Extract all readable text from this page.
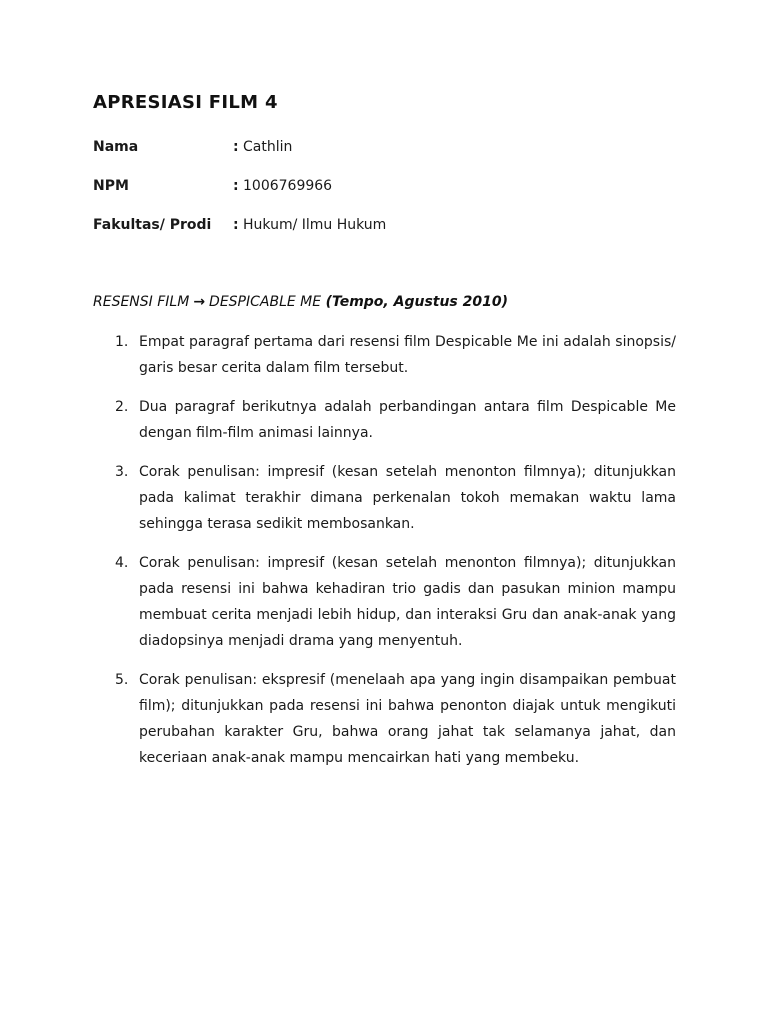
APRESIASI FILM 4
Nama	: Cathlin
NPM	: 1006769966
Fakultas/ Prodi : Hukum/ Ilmu Hukum
RESENSI FILM → DESPICABLE ME (Tempo, Agustus 2010)
1. Empat paragraf pertama dari resensi film Despicable Me ini adalah sinopsis/ garis besar cerita dalam film tersebut.
2. Dua paragraf berikutnya adalah perbandingan antara film Despicable Me dengan film-film animasi lainnya.
3. Corak penulisan: impresif (kesan setelah menonton filmnya); ditunjukkan pada kalimat terakhir dimana perkenalan tokoh memakan waktu lama sehingga terasa sedikit membosankan.
4. Corak penulisan: impresif (kesan setelah menonton filmnya); ditunjukkan pada resensi ini bahwa kehadiran trio gadis dan pasukan minion mampu membuat cerita menjadi lebih hidup, dan interaksi Gru dan anak-anak yang diadopsinya menjadi drama yang menyentuh.
5. Corak penulisan: ekspresif (menelaah apa yang ingin disampaikan pembuat film); ditunjukkan pada resensi ini bahwa penonton diajak untuk mengikuti perubahan karakter Gru, bahwa orang jahat tak selamanya jahat, dan keceriaan anak-anak mampu mencairkan hati yang membeku.
